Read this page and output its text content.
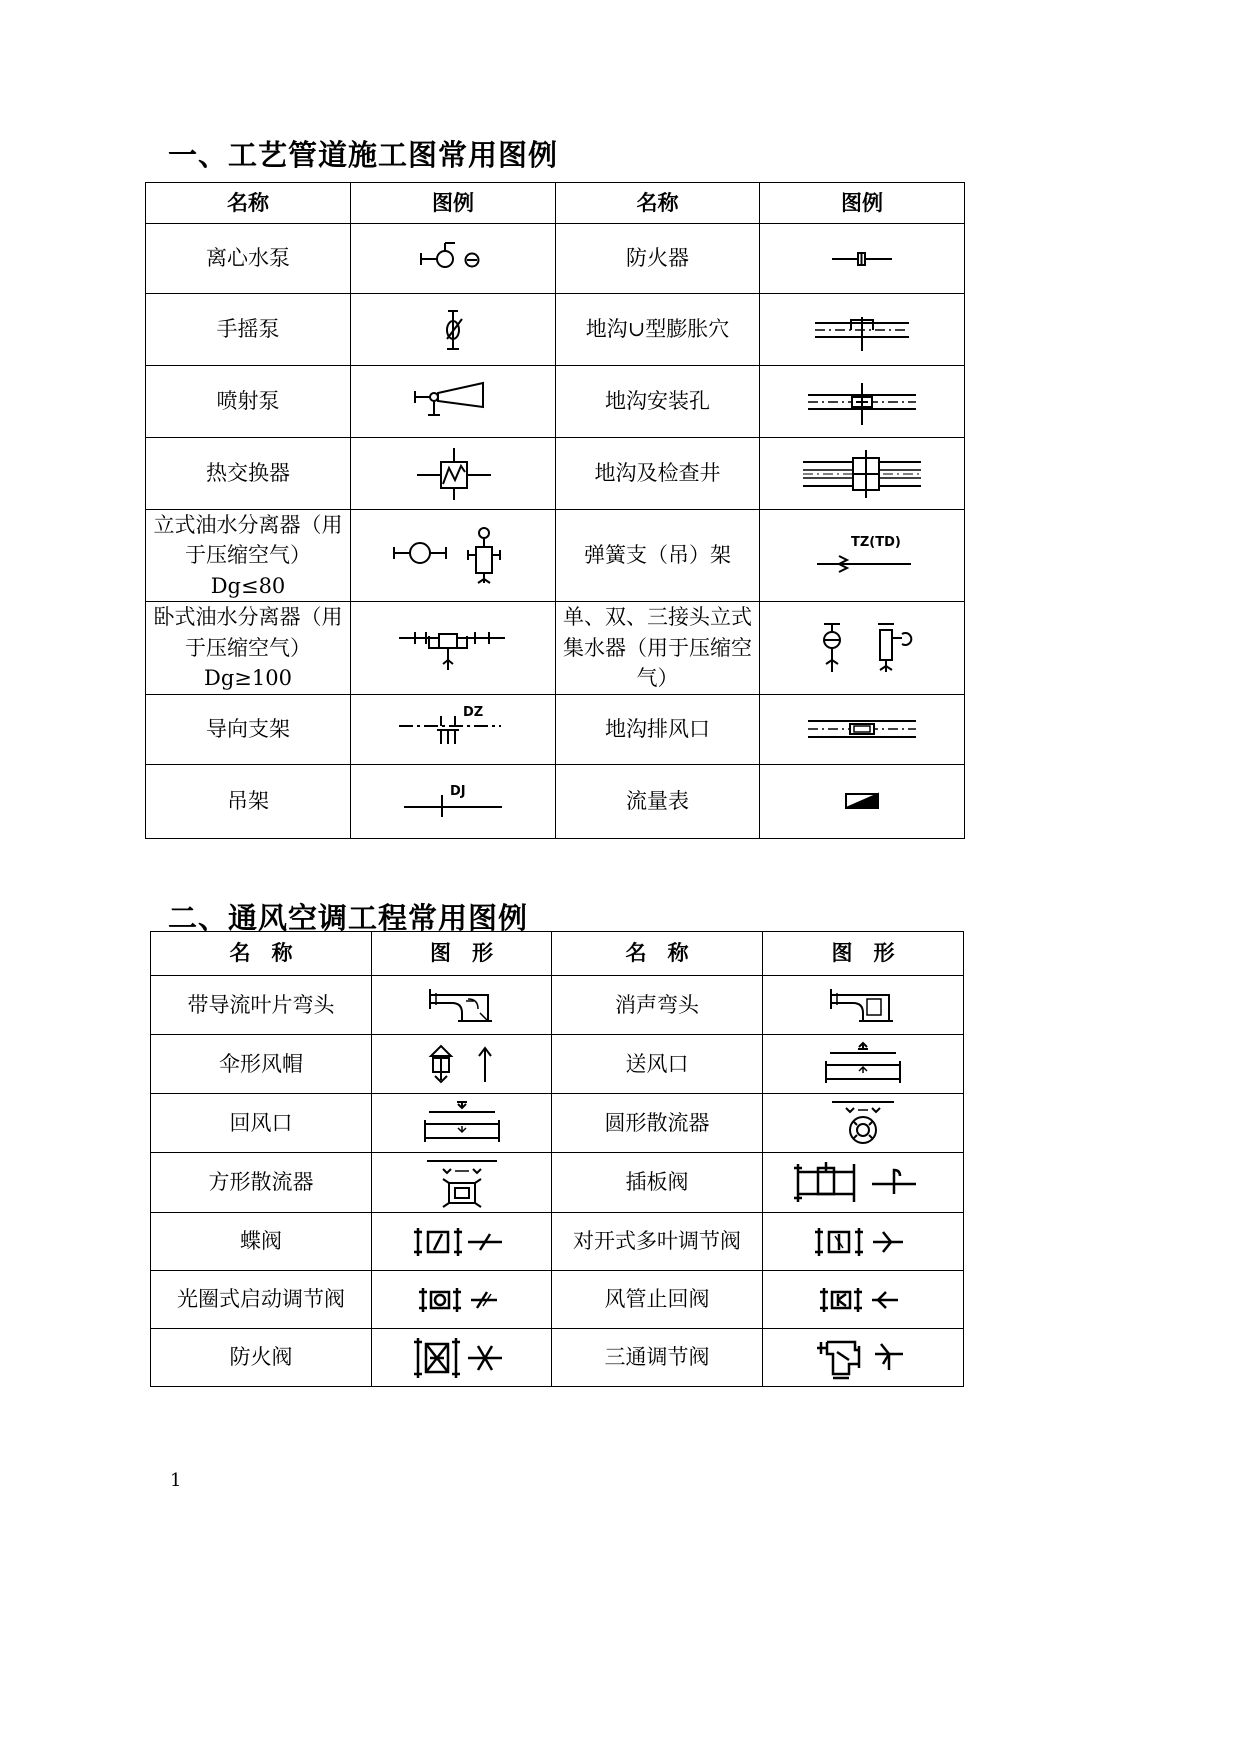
一、工艺管道施工图常用图例
名称	图例	名称	图例
离心水泵		防火器	

手摇泵		地沟∪型膨胀穴	

喷射泵		地沟安装孔	

热交换器		地沟及检查井	

立式油水分离器（用于压缩空气）Dg≤80		弹簧支（吊）架	TZ(TD)

卧式油水分离器（用于压缩空气）Dg≥100		单、双、三接头立式集水器（用于压缩空气）	

导向支架	DZ	地沟排风口	

吊架	DJ	流量表	
二、通风空调工程常用图例
名　称	图　形	名　称	图　形
带导流叶片弯头		消声弯头	

伞形风帽		送风口	

回风口		圆形散流器	

方形散流器		插板阀	

蝶阀		对开式多叶调节阀	

光圈式启动调节阀		风管止回阀	

防火阀		三通调节阀	
1
